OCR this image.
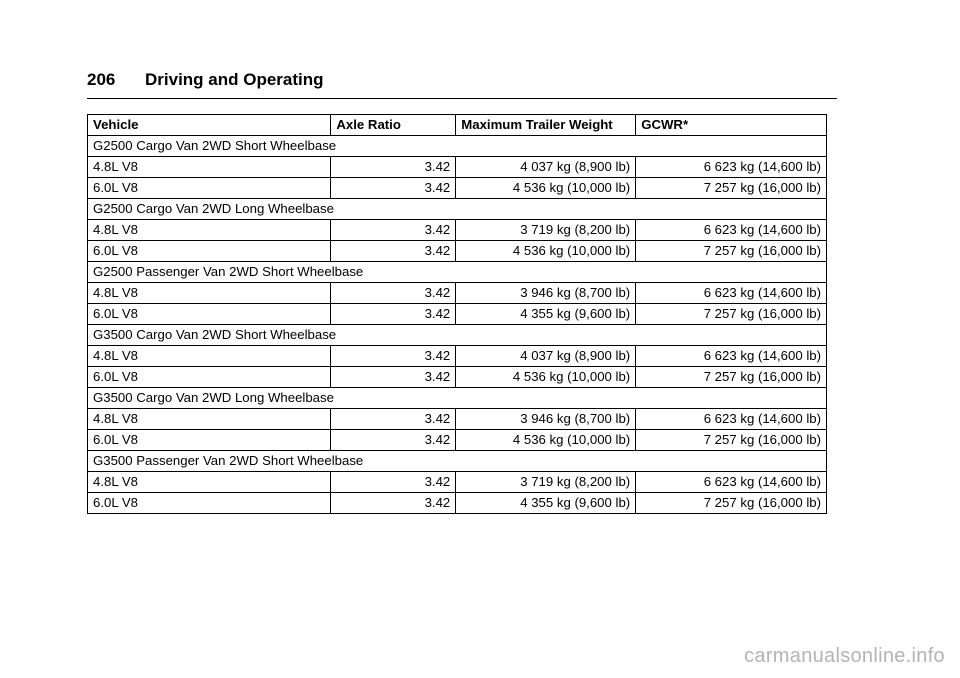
206	Driving and Operating
Vehicle	Axle Ratio	Maximum Trailer Weight	GCWR*
G2500 Cargo Van 2WD Short Wheelbase			
4.8L V8	3.42	4 037 kg (8,900 lb)	6 623 kg (14,600 lb)
6.0L V8	3.42	4 536 kg (10,000 lb)	7 257 kg (16,000 lb)
G2500 Cargo Van 2WD Long Wheelbase			
4.8L V8	3.42	3 719 kg (8,200 lb)	6 623 kg (14,600 lb)
6.0L V8	3.42	4 536 kg (10,000 lb)	7 257 kg (16,000 lb)
G2500 Passenger Van 2WD Short Wheelbase			
4.8L V8	3.42	3 946 kg (8,700 lb)	6 623 kg (14,600 lb)
6.0L V8	3.42	4 355 kg (9,600 lb)	7 257 kg (16,000 lb)
G3500 Cargo Van 2WD Short Wheelbase			
4.8L V8	3.42	4 037 kg (8,900 lb)	6 623 kg (14,600 lb)
6.0L V8	3.42	4 536 kg (10,000 lb)	7 257 kg (16,000 lb)
G3500 Cargo Van 2WD Long Wheelbase			
4.8L V8	3.42	3 946 kg (8,700 lb)	6 623 kg (14,600 lb)
6.0L V8	3.42	4 536 kg (10,000 lb)	7 257 kg (16,000 lb)
G3500 Passenger Van 2WD Short Wheelbase			
4.8L V8	3.42	3 719 kg (8,200 lb)	6 623 kg (14,600 lb)
6.0L V8	3.42	4 355 kg (9,600 lb)	7 257 kg (16,000 lb)
carmanualsonline.info
